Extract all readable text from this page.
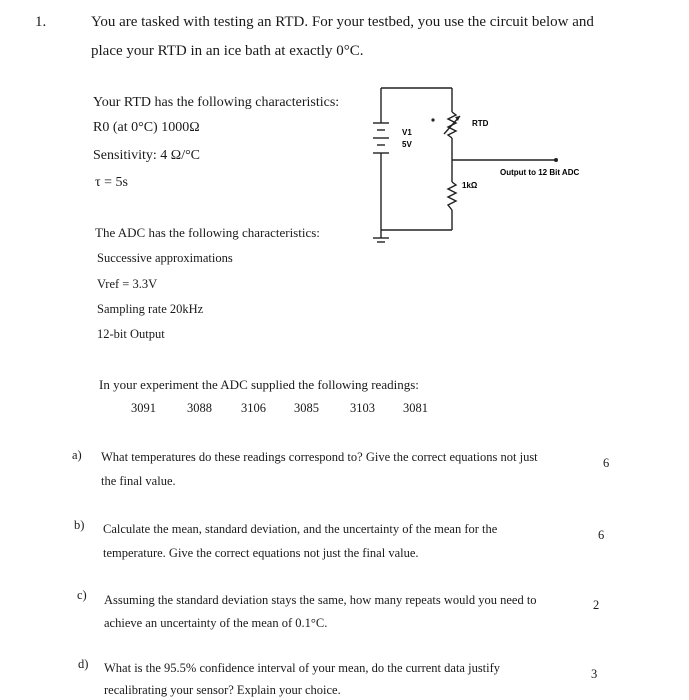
1.	You are tasked with testing an RTD. For your testbed, you use the circuit below and
place your RTD in an ice bath at exactly 0°C.
Your RTD has the following characteristics:
R0 (at 0°C) 1000Ω
Sensitivity: 4 Ω/°C
τ = 5s
V1
5V
RTD
1kΩ
Output to 12 Bit ADC
The ADC has the following characteristics:
Successive approximations
Vref = 3.3V
Sampling rate 20kHz
12-bit Output
In your experiment the ADC supplied the following readings:
3091 3088 3106 3085 3103 3081
a) What temperatures do these readings correspond to? Give the correct equations not just
the final value.
6
b) Calculate the mean, standard deviation, and the uncertainty of the mean for the
temperature. Give the correct equations not just the final value.
6
c) Assuming the standard deviation stays the same, how many repeats would you need to
achieve an uncertainty of the mean of 0.1°C.
2
d) What is the 95.5% confidence interval of your mean, do the current data justify
recalibrating your sensor? Explain your choice.
3
